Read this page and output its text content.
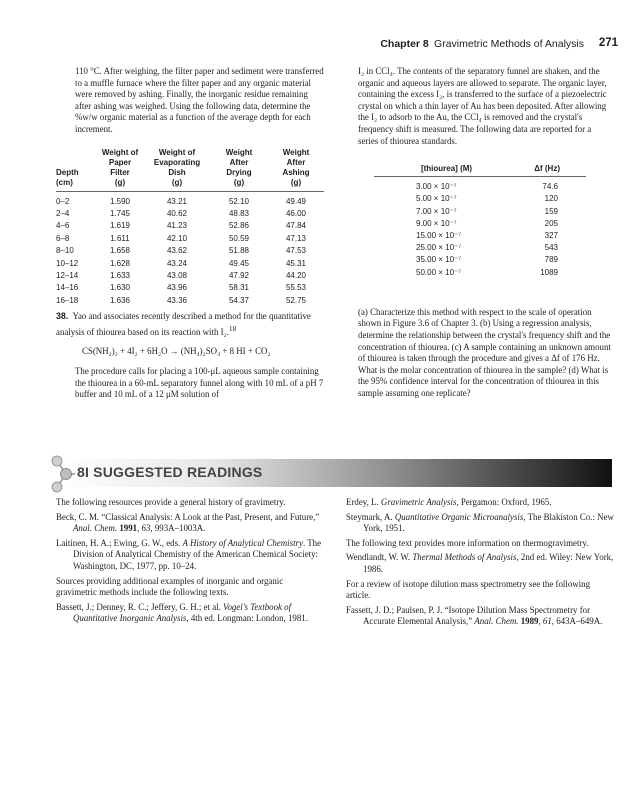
Chapter 8 Gravimetric Methods of Analysis 271

110 °C. After weighing, the filter paper and sediment were transferred to a muffle furnace where the filter paper and any organic material were removed by ashing. Finally, the inorganic residue remaining after ashing was weighed. Using the following data, determine the %w/w organic material as a function of the average depth for each increment.

	Weight of	Weight of	Weight	Weight
	Paper	Evaporating	After	After
Depth	Filter	Dish	Drying	Ashing
(cm)	(g)	(g)	(g)	(g)
0–2	1.590	43.21	52.10	49.49
2–4	1.745	40.62	48.83	46.00
4–6	1.619	41.23	52.86	47.84
6–8	1.611	42.10	50.59	47.13
8–10	1.658	43.62	51.88	47.53
10–12	1.628	43.24	49.45	45.31
12–14	1.633	43.08	47.92	44.20
14–16	1.630	43.96	58.31	55.53
16–18	1.636	43.36	54.37	52.75

38. Yao and associates recently described a method for the quantitative analysis of thiourea based on its reaction with I₂.$^{18}$

CS(NH₂)₂ + 4I₂ + 6H₂O → (NH₄)₂SO₄ + 8 HI + CO₂

The procedure calls for placing a 100-μL aqueous sample containing the thiourea in a 60-mL separatory funnel along with 10 mL of a pH 7 buffer and 10 mL of a 12 μM solution of

I₂ in CCl₄. The contents of the separatory funnel are shaken, and the organic and aqueous layers are allowed to separate. The organic layer, containing the excess I₂, is transferred to the surface of a piezoelectric crystal on which a thin layer of Au has been deposited. After allowing the I₂ to adsorb to the Au, the CCl₄ is removed and the crystal's frequency shift is measured. The following data are reported for a series of thiourea standards.

[thiourea] (M)	Δf (Hz)
3.00 × 10⁻⁷	74.6
5.00 × 10⁻⁷	120
7.00 × 10⁻⁷	159
9.00 × 10⁻⁷	205
15.00 × 10⁻⁷	327
25.00 × 10⁻⁷	543
35.00 × 10⁻⁷	789
50.00 × 10⁻⁷	1089

(a) Characterize this method with respect to the scale of operation shown in Figure 3.6 of Chapter 3. (b) Using a regression analysis, determine the relationship between the crystal's frequency shift and the concentration of thiourea. (c) A sample containing an unknown amount of thiourea is taken through the procedure and gives a Δf of 176 Hz. What is the molar concentration of thiourea in the sample? (d) What is the 95% confidence interval for the concentration of thiourea in this sample assuming one replicate?

8I SUGGESTED READINGS

The following resources provide a general history of gravimetry.

Beck, C. M. “Classical Analysis: A Look at the Past, Present, and Future,” Anal. Chem. 1991, 63, 993A–1003A.

Laitinen, H. A.; Ewing, G. W., eds. A History of Analytical Chemistry. The Division of Analytical Chemistry of the American Chemical Society: Washington, DC, 1977, pp. 10–24.

Sources providing additional examples of inorganic and organic gravimetric methods include the following texts.

Bassett, J.; Denney, R. C.; Jeffery, G. H.; et al. Vogel’s Textbook of Quantitative Inorganic Analysis, 4th ed. Longman: London, 1981.

Erdey, L. Gravimetric Analysis, Pergamon: Oxford, 1965.

Steymark, A. Quantitative Organic Microanalysis, The Blakiston Co.: New York, 1951.

The following text provides more information on thermogravimetry.

Wendlandt, W. W. Thermal Methods of Analysis, 2nd ed. Wiley: New York, 1986.

For a review of isotope dilution mass spectrometry see the following article.

Fassett, J. D.; Paulsen, P. J. “Isotope Dilution Mass Spectrometry for Accurate Elemental Analysis,” Anal. Chem. 1989, 61, 643A–649A.
